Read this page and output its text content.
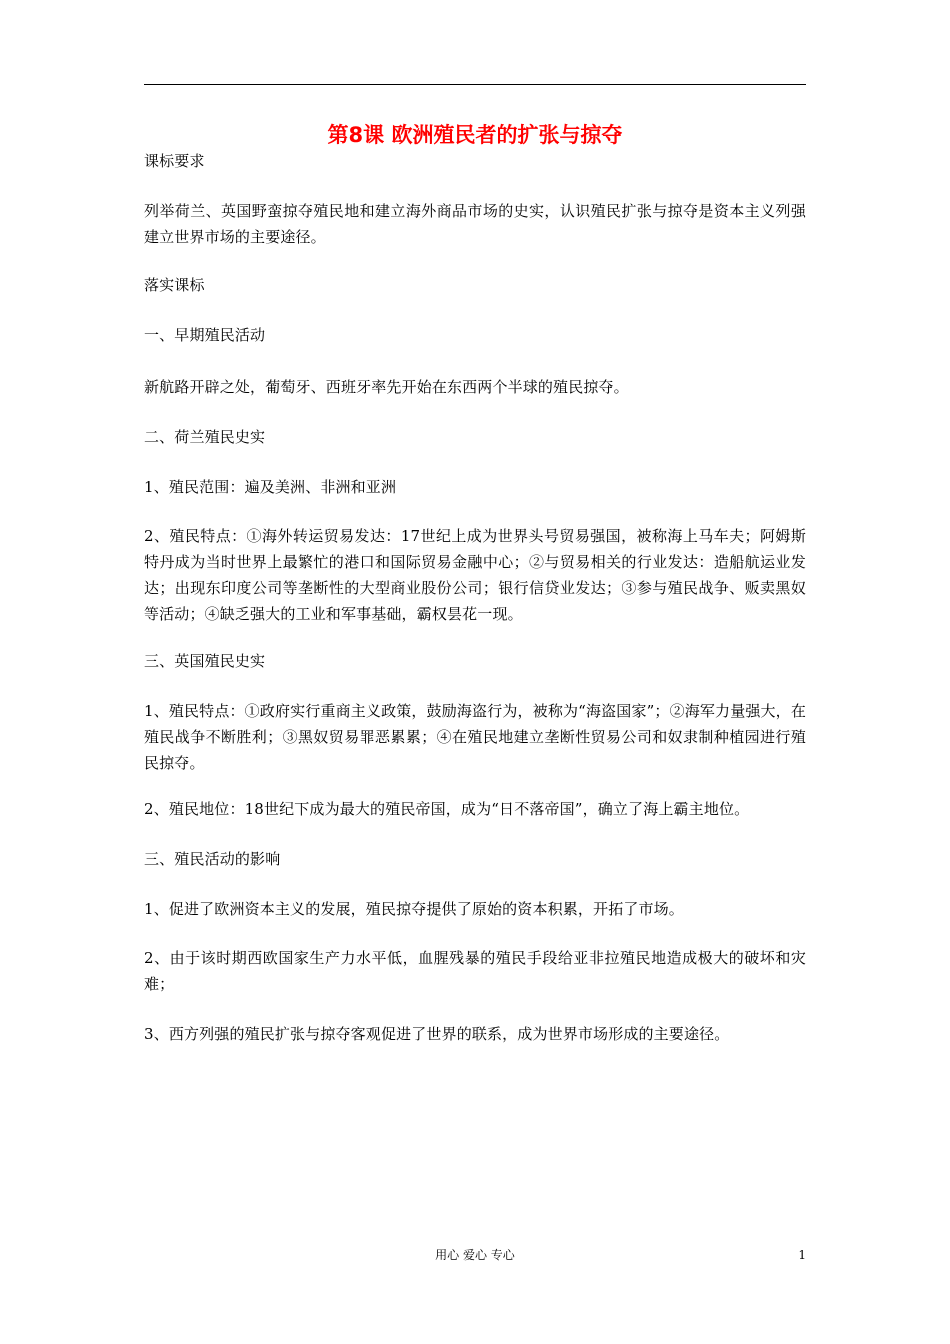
第8课 欧洲殖民者的扩张与掠夺
课标要求
列举荷兰、英国野蛮掠夺殖民地和建立海外商品市场的史实，认识殖民扩张与掠夺是资本主义列强建立世界市场的主要途径。
落实课标
一、早期殖民活动
新航路开辟之处，葡萄牙、西班牙率先开始在东西两个半球的殖民掠夺。
二、荷兰殖民史实
1、殖民范围：遍及美洲、非洲和亚洲
2、殖民特点：①海外转运贸易发达：17世纪上成为世界头号贸易强国，被称海上马车夫；阿姆斯特丹成为当时世界上最繁忙的港口和国际贸易金融中心；②与贸易相关的行业发达：造船航运业发达；出现东印度公司等垄断性的大型商业股份公司；银行信贷业发达；③参与殖民战争、贩卖黑奴等活动；④缺乏强大的工业和军事基础，霸权昙花一现。
三、英国殖民史实
1、殖民特点：①政府实行重商主义政策，鼓励海盗行为，被称为“海盗国家”；②海军力量强大，在殖民战争不断胜利；③黑奴贸易罪恶累累；④在殖民地建立垄断性贸易公司和奴隶制种植园进行殖民掠夺。
2、殖民地位：18世纪下成为最大的殖民帝国，成为“日不落帝国”，确立了海上霸主地位。
三、殖民活动的影响
1、促进了欧洲资本主义的发展，殖民掠夺提供了原始的资本积累，开拓了市场。
2、由于该时期西欧国家生产力水平低，血腥残暴的殖民手段给亚非拉殖民地造成极大的破坏和灾难；
3、西方列强的殖民扩张与掠夺客观促进了世界的联系，成为世界市场形成的主要途径。
用心 爱心 专心	1
